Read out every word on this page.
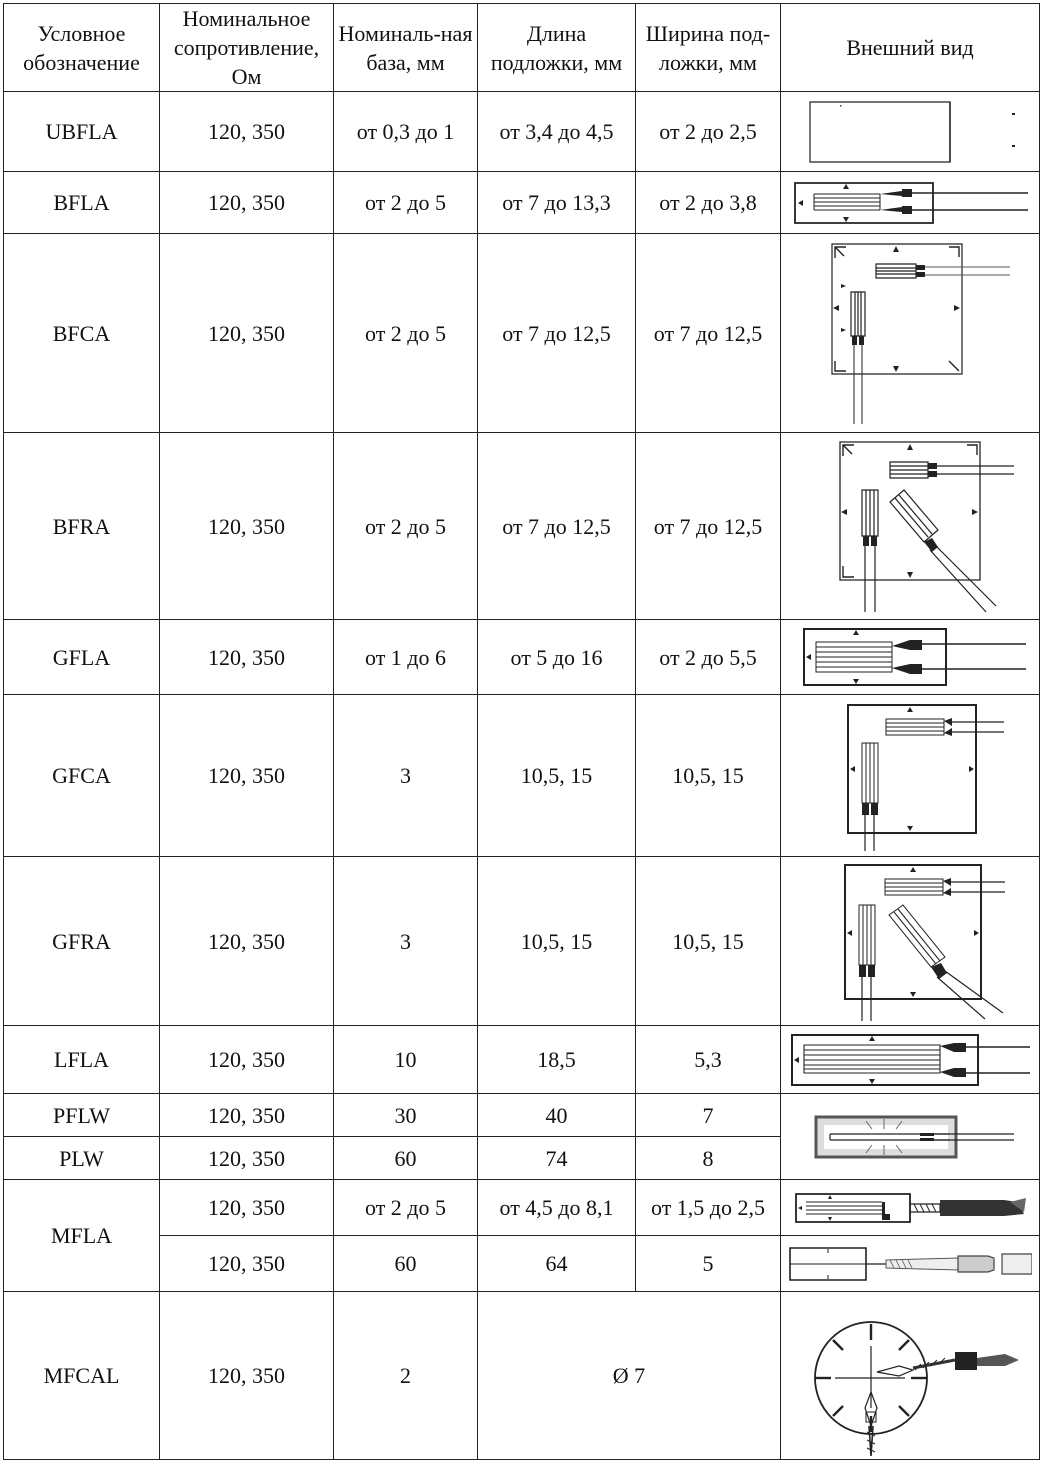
Условное обозначение	Номинальное сопротивление, Ом	Номиналь-ная база, мм	Длина подложки, мм	Ширина под-ложки, мм	Внешний вид
UBFLA	120, 350	от 0,3 до 1	от 3,4 до 4,5	от 2 до 2,5	

BFLA	120, 350	от 2 до 5	от 7 до 13,3	от 2 до 3,8	

BFCA	120, 350	от 2 до 5	от 7 до 12,5	от 7 до 12,5	

BFRA	120, 350	от 2 до 5	от 7 до 12,5	от 7 до 12,5	

GFLA	120, 350	от 1 до 6	от 5 до 16	от 2 до 5,5	

GFCA	120, 350	3	10,5, 15	10,5, 15	

GFRA	120, 350	3	10,5, 15	10,5, 15	

LFLA	120, 350	10	18,5	5,3	

PFLW	120, 350	30	40	7	

PLW	120, 350	60	74	8	
MFLA	120, 350	от 2 до 5	от 4,5 до 8,1	от 1,5 до 2,5	

	120, 350	60	64	5	

MFCAL	120, 350	2	Ø 7	
